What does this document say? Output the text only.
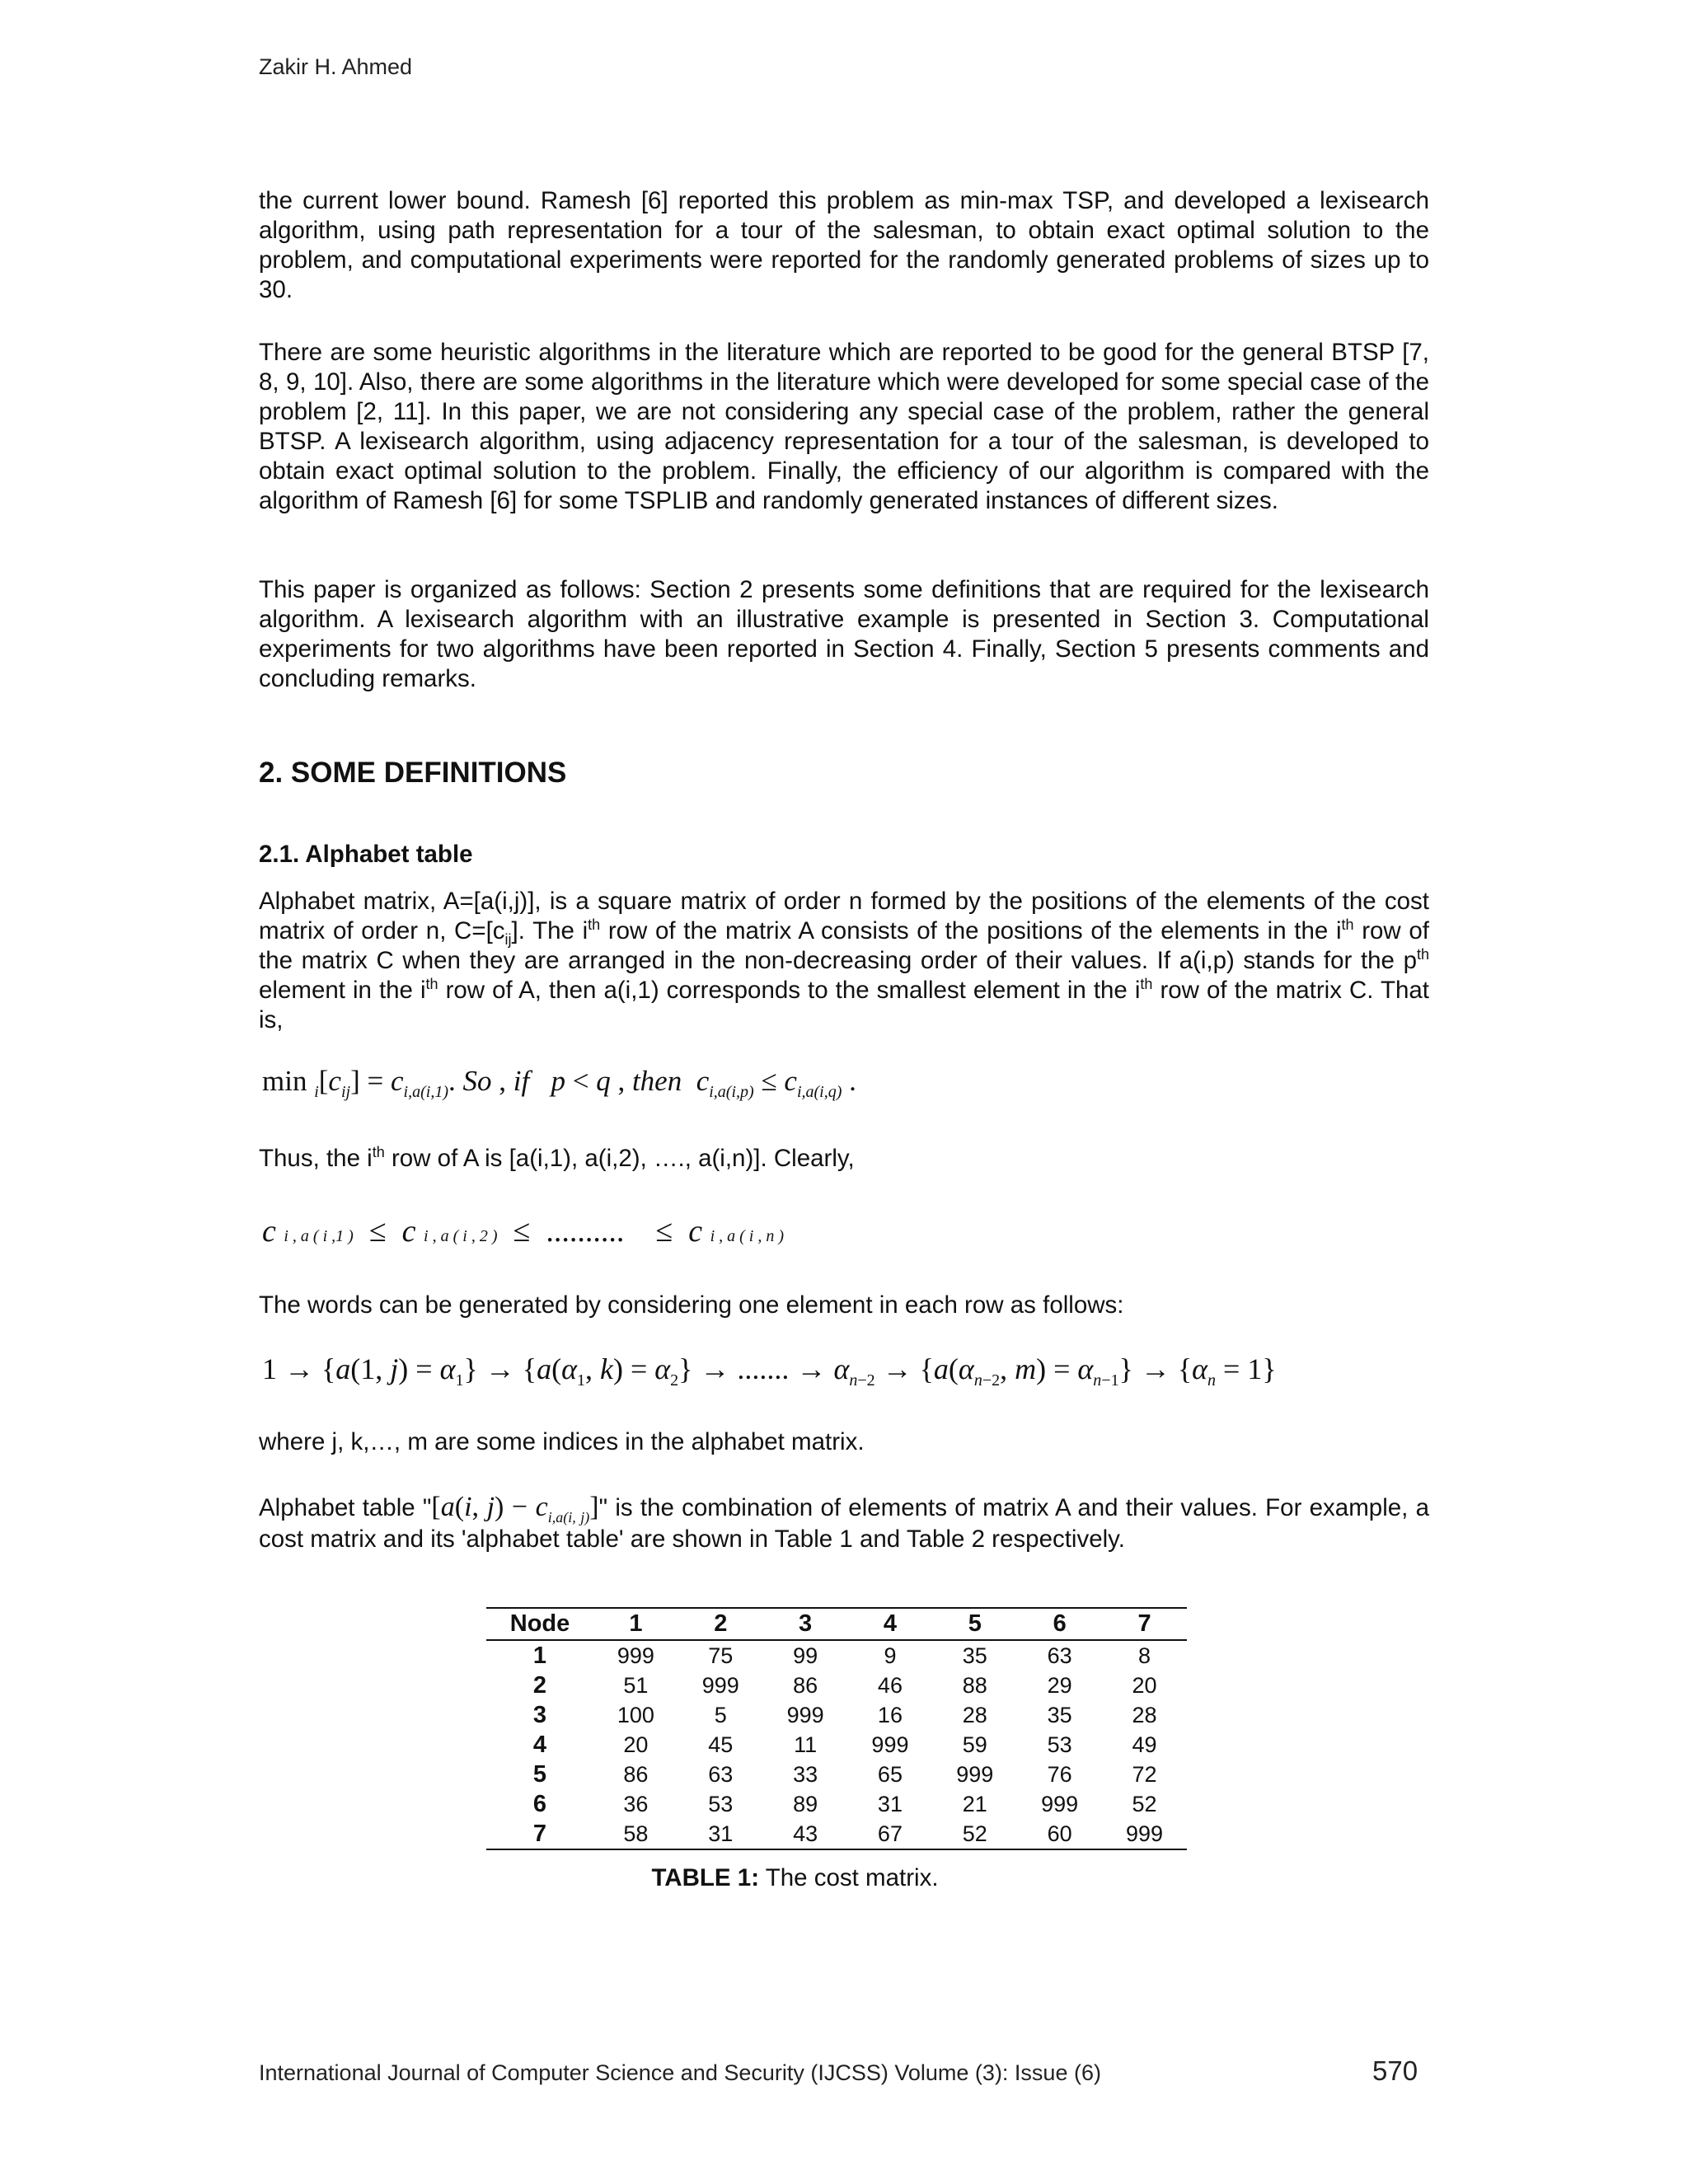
Zakir H. Ahmed

the current lower bound. Ramesh [6] reported this problem as min-max TSP, and developed a lexisearch algorithm, using path representation for a tour of the salesman, to obtain exact optimal solution to the problem, and computational experiments were reported for the randomly generated problems of sizes up to 30.

There are some heuristic algorithms in the literature which are reported to be good for the general BTSP [7, 8, 9, 10]. Also, there are some algorithms in the literature which were developed for some special case of the problem [2, 11]. In this paper, we are not considering any special case of the problem, rather the general BTSP. A lexisearch algorithm, using adjacency representation for a tour of the salesman, is developed to obtain exact optimal solution to the problem. Finally, the efficiency of our algorithm is compared with the algorithm of Ramesh [6] for some TSPLIB and randomly generated instances of different sizes.

This paper is organized as follows: Section 2 presents some definitions that are required for the lexisearch algorithm. A lexisearch algorithm with an illustrative example is presented in Section 3. Computational experiments for two algorithms have been reported in Section 4. Finally, Section 5 presents comments and concluding remarks.

2. SOME DEFINITIONS
2.1. Alphabet table

Alphabet matrix, A=[a(i,j)], is a square matrix of order n formed by the positions of the elements of the cost matrix of order n, $C=[c_{ij}]$. The $i^{th}$ row of the matrix A consists of the positions of the elements in the $i^{th}$ row of the matrix C when they are arranged in the non-decreasing order of their values. If a(i,p) stands for the $p^{th}$ element in the $i^{th}$ row of A, then a(i,1) corresponds to the smallest element in the $i^{th}$ row of the matrix C. That is,

$\min _i[c_{ij}] = c_{i,a(i,1)}$. So , if p < q , then $c_{i,a(i,p)} \le c_{i,a(i,q)}$ .

Thus, the $i^{th}$ row of A is [a(i,1), a(i,2), …., a(i,n)]. Clearly,

c i , a ( i ,1 )  ≤  c i , a ( i , 2 )  ≤  ..........    ≤  c i , a ( i , n )

The words can be generated by considering one element in each row as follows:

1 → {a(1, $j) = \alpha_1\} \to \{a(\alpha_1$, $k) = \alpha_2$} → ....... → $\alpha_{n-2} \to \{a(\alpha_{n-2}$, $m) = \alpha_{n-1}\} \to \{\alpha_n = 1\}$

where j, k,…, m are some indices in the alphabet matrix.

Alphabet table "[a(i, $j) - c_{i,a(i, j)}$]" is the combination of elements of matrix A and their values. For example, a cost matrix and its 'alphabet table' are shown in Table 1 and Table 2 respectively.

Node	1	2	3	4	5	6	7
1	999	75	99	9	35	63	8
2	51	999	86	46	88	29	20
3	100	5	999	16	28	35	28
4	20	45	11	999	59	53	49
5	86	63	33	65	999	76	72
6	36	53	89	31	21	999	52
7	58	31	43	67	52	60	999
TABLE 1: The cost matrix.
International Journal of Computer Science and Security (IJCSS) Volume (3): Issue (6)	570
